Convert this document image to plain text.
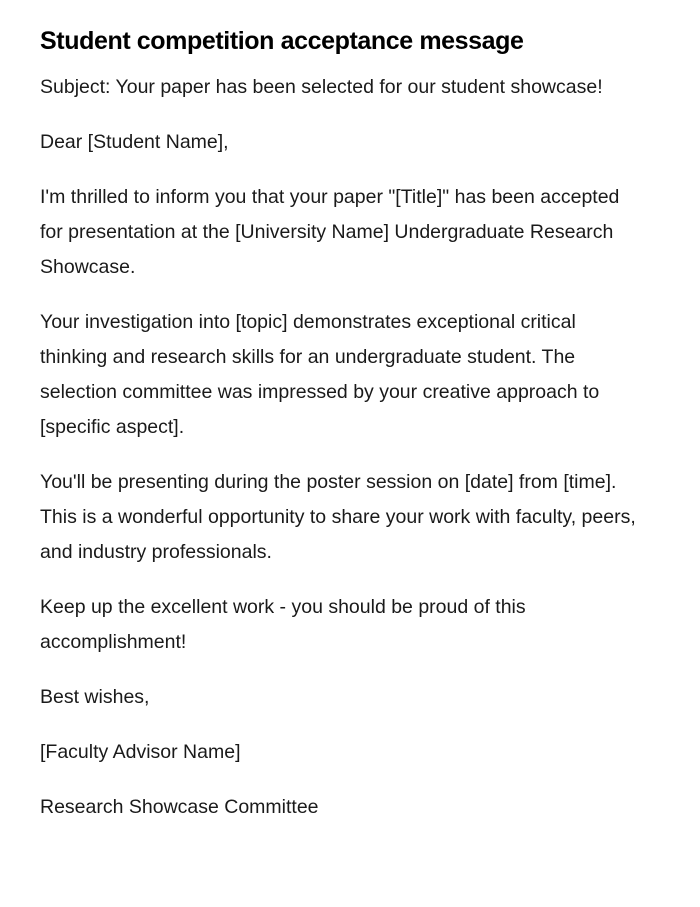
Student competition acceptance message

Subject: Your paper has been selected for our student showcase!

Dear [Student Name],

I'm thrilled to inform you that your paper "[Title]" has been accepted for presentation at the [University Name] Undergraduate Research Showcase.

Your investigation into [topic] demonstrates exceptional critical thinking and research skills for an undergraduate student. The selection committee was impressed by your creative approach to [specific aspect].

You'll be presenting during the poster session on [date] from [time]. This is a wonderful opportunity to share your work with faculty, peers, and industry professionals.

Keep up the excellent work - you should be proud of this accomplishment!

Best wishes,

[Faculty Advisor Name]

Research Showcase Committee
